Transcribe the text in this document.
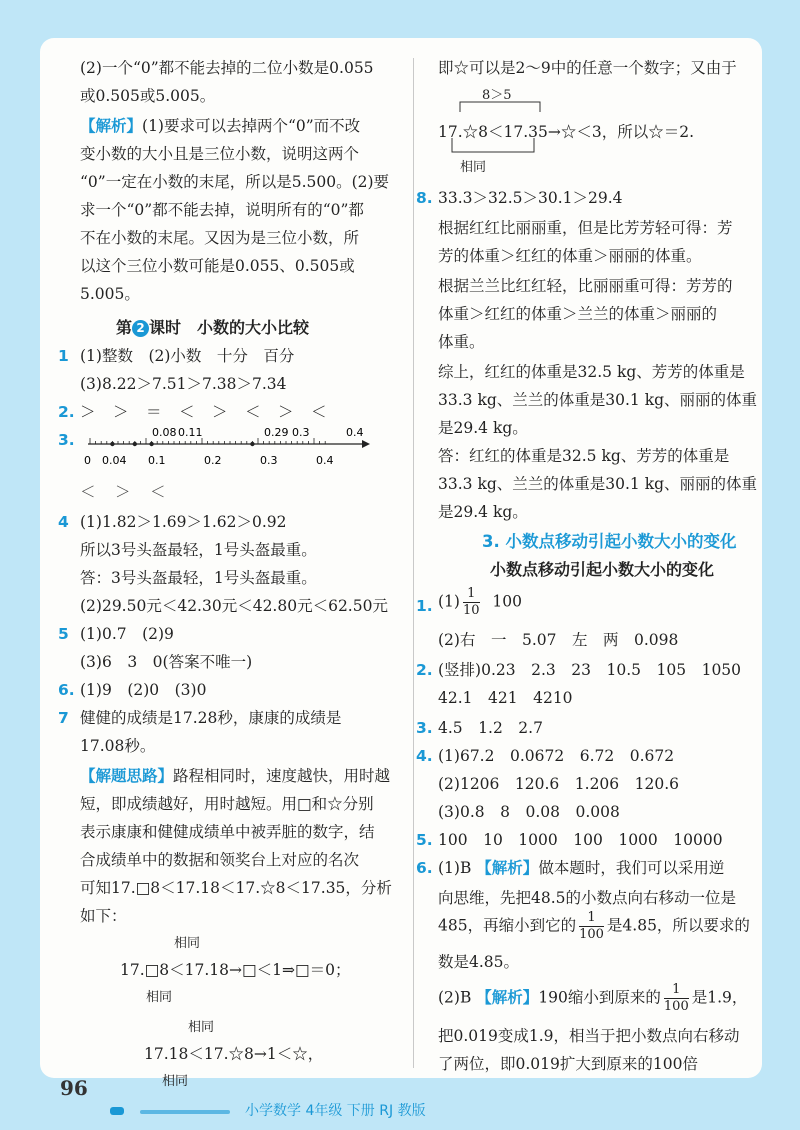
(2)一个“0”都不能去掉的二位小数是0.055
或0.505或5.005。
【解析】(1)要求可以去掉两个“0”而不改
变小数的大小且是三位小数，说明这两个
“0”一定在小数的末尾，所以是5.500。(2)要
求一个“0”都不能去掉，说明所有的“0”都
不在小数的末尾。又因为是三位小数，所
以这个三位小数可能是0.055、0.505或
5.005。
第 2 课时　小数的大小比较
1 (1)整数　(2)小数　十分　百分
(3)8.22＞7.51＞7.38＞7.34
2. ＞　＞　＝　＜　＞　＜　＞　＜
3.	0.08 0.11	0.29 0.3	0.4
0 0.04 0.1	0.2	0.3	0.4
＜　＞　＜
4 (1)1.82＞1.69＞1.62＞0.92
所以3号头盔最轻，1号头盔最重。
答：3号头盔最轻，1号头盔最重。
(2)29.50元＜42.30元＜42.80元＜62.50元
5 (1)0.7　(2)9
(3)6　3　0(答案不唯一)
6. (1)9　(2)0　(3)0
7 健健的成绩是17.28秒，康康的成绩是
17.08秒。
【解题思路】路程相同时，速度越快，用时越
短，即成绩越好，用时越短。用□和☆分别
表示康康和健健成绩单中被弄脏的数字，结
合成绩单中的数据和领奖台上对应的名次
可知17.□8＜17.18＜17.☆8＜17.35，分析
如下：
相同
17.□8＜17.18→□＜1⇒□＝0；
相同
相同
17.18＜17.☆8→1＜☆，
相同
即☆可以是2～9中的任意一个数字；又由于
8＞5
17.☆8＜17.35→☆＜3，所以☆＝2.
相同
8. 33.3＞32.5＞30.1＞29.4
根据红红比丽丽重，但是比芳芳轻可得：芳
芳的体重＞红红的体重＞丽丽的体重。
根据兰兰比红红轻，比丽丽重可得：芳芳的
体重＞红红的体重＞兰兰的体重＞丽丽的
体重。
综上，红红的体重是32.5 kg、芳芳的体重是
33.3 kg、兰兰的体重是30.1 kg、丽丽的体重
是29.4 kg。
答：红红的体重是32.5 kg、芳芳的体重是
33.3 kg、兰兰的体重是30.1 kg、丽丽的体重
是29.4 kg。
3. 小数点移动引起小数大小的变化
小数点移动引起小数大小的变化
1. $(1) \frac{1}{10} 100$
(2)右　一　5.07　左　两　0.098
2. (竖排)0.23　2.3　23　10.5　105　1050
42.1　421　4210
3. 4.5　1.2　2.7
4. (1)67.2　0.0672　6.72　0.672
(2)1206　120.6　1.206　120.6
(3)0.8　8　0.08　0.008
5. 100　10　1000　100　1000　10000
6. (1)B 【解析】做本题时，我们可以采用逆
向思维，先把48.5的小数点向右移动一位是
485，再缩小到它的 $\frac{1}{100}$ 是4.85，所以要求的
数是4.85。
(2)B 【解析】190缩小到原来的 $\frac{1}{100}$ 是1.9，
把0.019变成1.9，相当于把小数点向右移动
了两位，即0.019扩大到原来的100倍
96
小学数学 4年级 下册 RJ 教版
